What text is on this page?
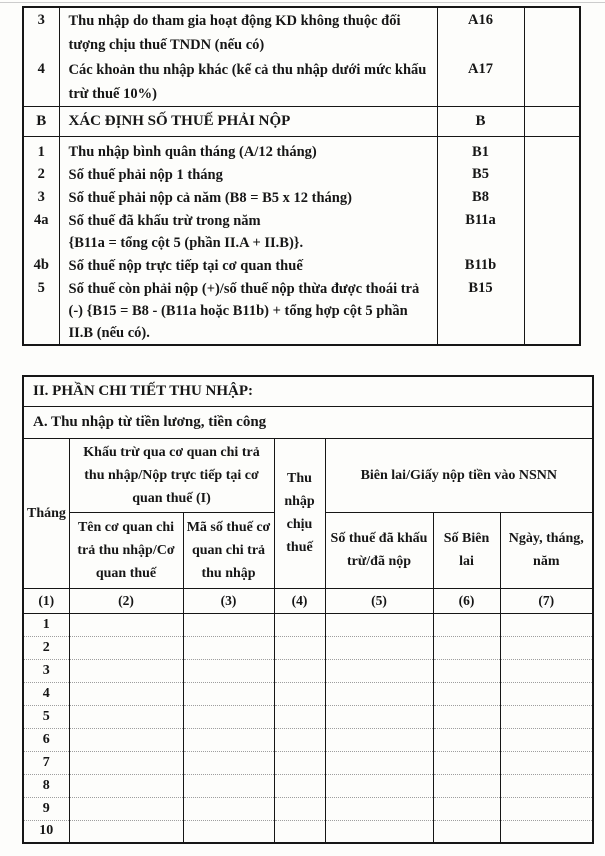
3	Thu nhập do tham gia hoạt động KD không thuộc đối
tượng chịu thuế TNDN (nếu có)	A16	
4	Các khoản thu nhập khác (kể cả thu nhập dưới mức khấu
trừ thuế 10%)	A17	
B	XÁC ĐỊNH SỐ THUẾ PHẢI NỘP	B	
1	Thu nhập bình quân tháng (A/12 tháng)	B1	
2	Số thuế phải nộp 1 tháng	B5	
3	Số thuế phải nộp cả năm (B8 = B5 x 12 tháng)	B8	
4a	Số thuế đã khấu trừ trong năm
{B11a = tổng cột 5 (phần II.A + II.B)}.	B11a	
4b	Số thuế nộp trực tiếp tại cơ quan thuế	B11b	
5	Số thuế còn phải nộp (+)/số thuế nộp thừa được thoái trả
(-) {B15 = B8 - (B11a hoặc B11b) + tổng hợp cột 5 phần
II.B (nếu có).	B15	
II. PHẦN CHI TIẾT THU NHẬP:						
A. Thu nhập từ tiền lương, tiền công						
Tháng	Khấu trừ qua cơ quan chi trả thu nhập/Nộp trực tiếp tại cơ quan thuế (I)		Thu nhập chịu thuế	Biên lai/Giấy nộp tiền vào NSNN		
	Tên cơ quan chi trả thu nhập/Cơ quan thuế	Mã số thuế cơ quan chi trả thu nhập		Số thuế đã khấu trừ/đã nộp	Số Biên lai	Ngày, tháng, năm
(1)	(2)	(3)	(4)	(5)	(6)	(7)
1						
2						
3						
4						
5						
6						
7						
8						
9						
10						
